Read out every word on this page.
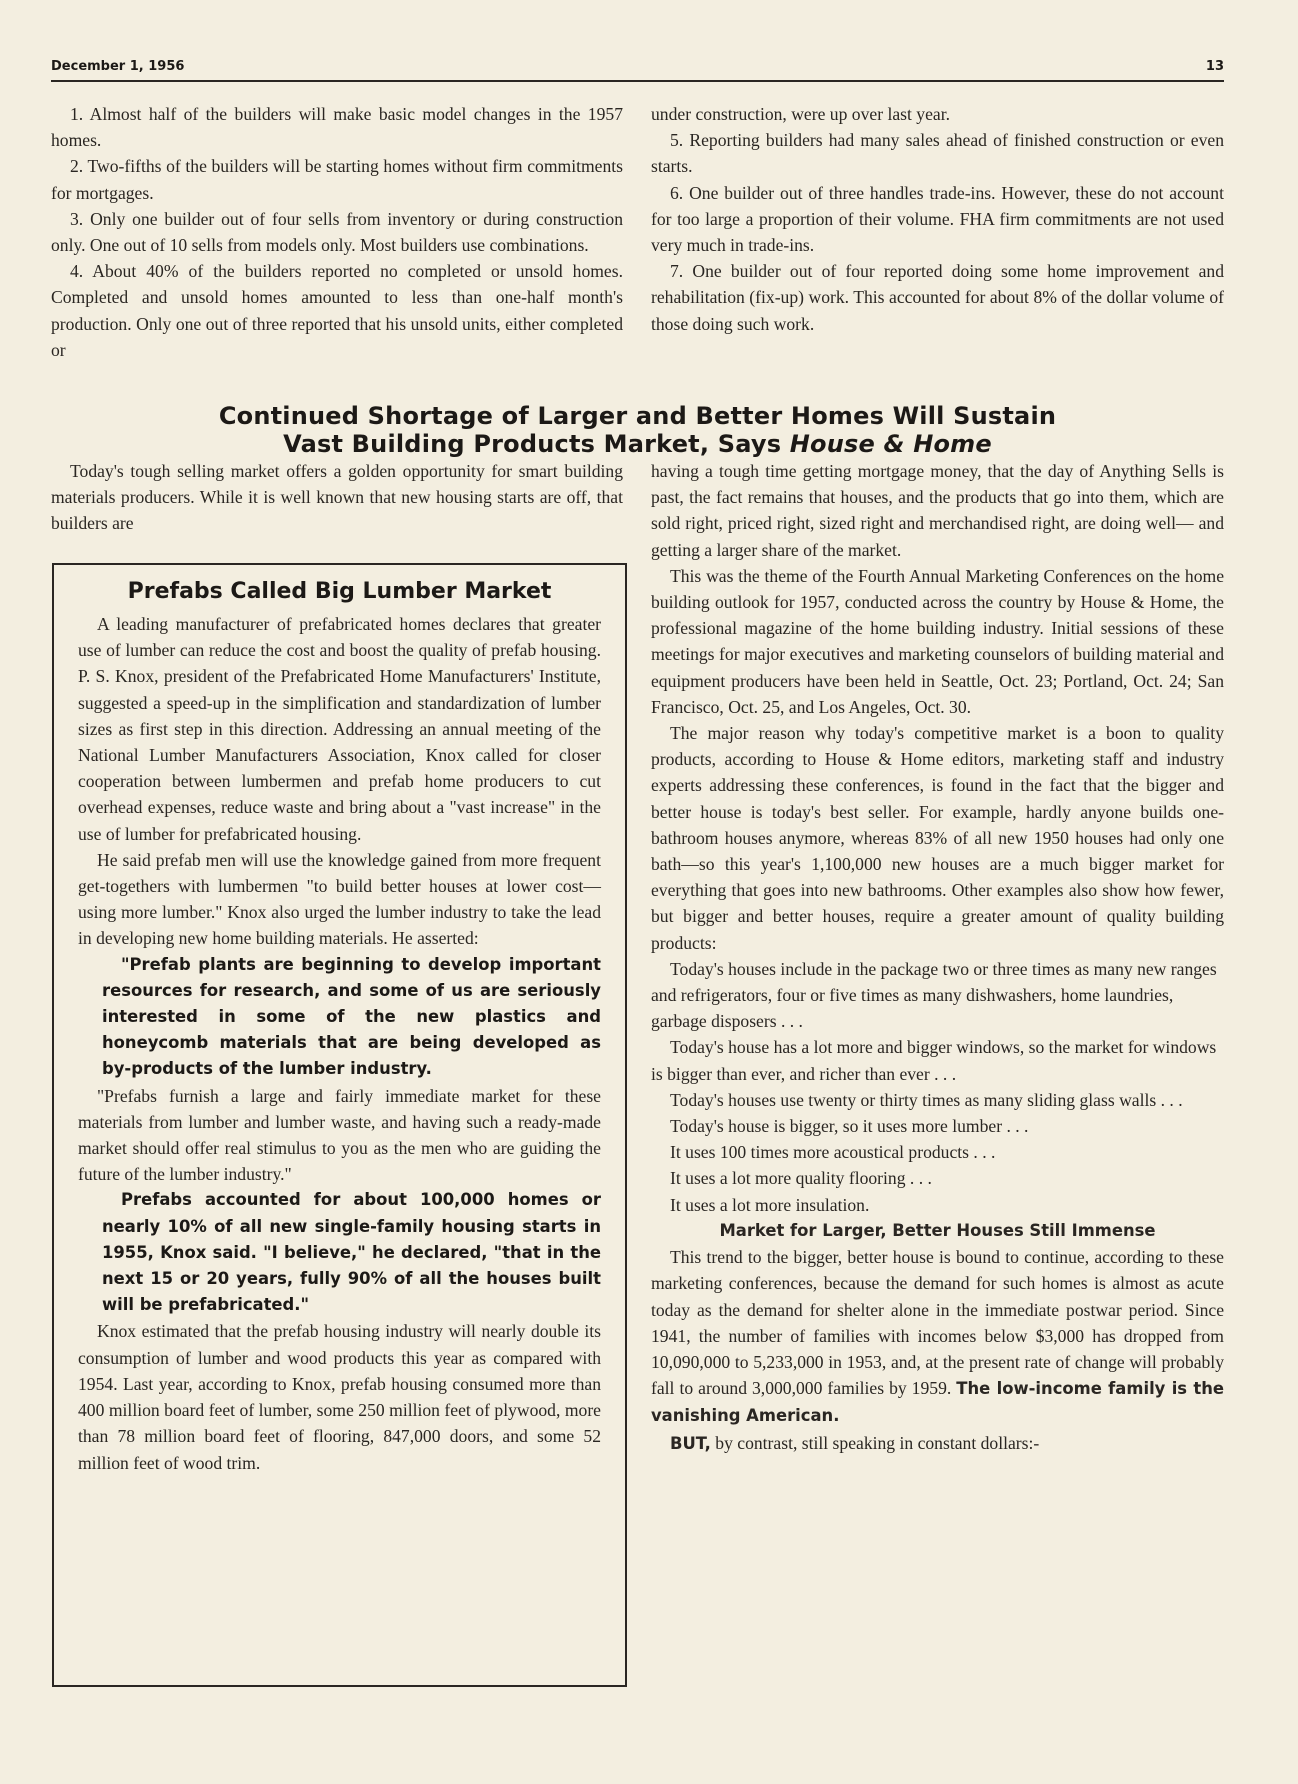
December 1, 1956	13

1. Almost half of the builders will make basic model changes in the 1957 homes.

2. Two-fifths of the builders will be starting homes without firm commitments for mortgages.

3. Only one builder out of four sells from inventory or during construction only. One out of 10 sells from models only. Most builders use combinations.

4. About 40% of the builders reported no completed or unsold homes. Completed and unsold homes amounted to less than one-half month's production. Only one out of three reported that his unsold units, either completed or

under construction, were up over last year.

5. Reporting builders had many sales ahead of finished construction or even starts.

6. One builder out of three handles trade-ins. However, these do not account for too large a proportion of their volume. FHA firm commitments are not used very much in trade-ins.

7. One builder out of four reported doing some home improvement and rehabilitation (fix-up) work. This accounted for about 8% of the dollar volume of those doing such work.

Continued Shortage of Larger and Better Homes Will Sustain
Vast Building Products Market, Says House & Home

Today's tough selling market offers a golden opportunity for smart building materials producers. While it is well known that new housing starts are off, that builders are

Prefabs Called Big Lumber Market

A leading manufacturer of prefabricated homes declares that greater use of lumber can reduce the cost and boost the quality of prefab housing. P. S. Knox, president of the Prefabricated Home Manufacturers' Institute, suggested a speed-up in the simplification and standardization of lumber sizes as first step in this direction. Addressing an annual meeting of the National Lumber Manufacturers Association, Knox called for closer cooperation between lumbermen and prefab home producers to cut overhead expenses, reduce waste and bring about a "vast increase" in the use of lumber for prefabricated housing.

He said prefab men will use the knowledge gained from more frequent get-togethers with lumbermen "to build better houses at lower cost—using more lumber." Knox also urged the lumber industry to take the lead in developing new home building materials. He asserted:

"Prefab plants are beginning to develop important resources for research, and some of us are seriously interested in some of the new plastics and honeycomb materials that are being developed as by-products of the lumber industry.

"Prefabs furnish a large and fairly immediate market for these materials from lumber and lumber waste, and having such a ready-made market should offer real stimulus to you as the men who are guiding the future of the lumber industry."

Prefabs accounted for about 100,000 homes or nearly 10% of all new single-family housing starts in 1955, Knox said. "I believe," he declared, "that in the next 15 or 20 years, fully 90% of all the houses built will be prefabricated."

Knox estimated that the prefab housing industry will nearly double its consumption of lumber and wood products this year as compared with 1954. Last year, according to Knox, prefab housing consumed more than 400 million board feet of lumber, some 250 million feet of plywood, more than 78 million board feet of flooring, 847,000 doors, and some 52 million feet of wood trim.

having a tough time getting mortgage money, that the day of Anything Sells is past, the fact remains that houses, and the products that go into them, which are sold right, priced right, sized right and merchandised right, are doing well— and getting a larger share of the market.

This was the theme of the Fourth Annual Marketing Conferences on the home building outlook for 1957, conducted across the country by House & Home, the professional magazine of the home building industry. Initial sessions of these meetings for major executives and marketing counselors of building material and equipment producers have been held in Seattle, Oct. 23; Portland, Oct. 24; San Francisco, Oct. 25, and Los Angeles, Oct. 30.

The major reason why today's competitive market is a boon to quality products, according to House & Home editors, marketing staff and industry experts addressing these conferences, is found in the fact that the bigger and better house is today's best seller. For example, hardly anyone builds one-bathroom houses anymore, whereas 83% of all new 1950 houses had only one bath—so this year's 1,100,000 new houses are a much bigger market for everything that goes into new bathrooms. Other examples also show how fewer, but bigger and better houses, require a greater amount of quality building products:

Today's houses include in the package two or three times as many new ranges and refrigerators, four or five times as many dishwashers, home laundries, garbage disposers . . .

Today's house has a lot more and bigger windows, so the market for windows is bigger than ever, and richer than ever . . .

Today's houses use twenty or thirty times as many sliding glass walls . . .

Today's house is bigger, so it uses more lumber . . .

It uses 100 times more acoustical products . . .

It uses a lot more quality flooring . . .

It uses a lot more insulation.

Market for Larger, Better Houses Still Immense

This trend to the bigger, better house is bound to continue, according to these marketing conferences, because the demand for such homes is almost as acute today as the demand for shelter alone in the immediate postwar period. Since 1941, the number of families with incomes below $3,000 has dropped from 10,090,000 to 5,233,000 in 1953, and, at the present rate of change will probably fall to around 3,000,000 families by 1959. The low-income family is the vanishing American.

BUT, by contrast, still speaking in constant dollars:-
